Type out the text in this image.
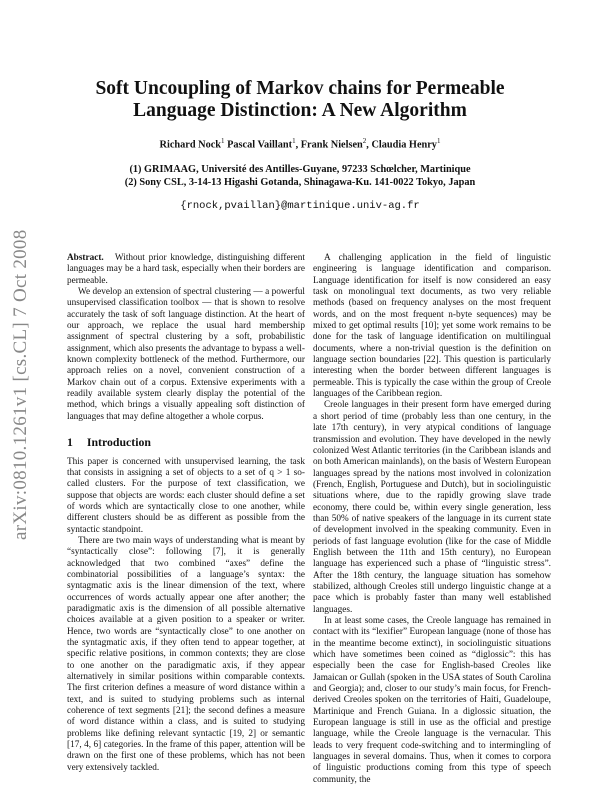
arXiv:0810.1261v1 [cs.CL] 7 Oct 2008
Soft Uncoupling of Markov chains for Permeable
Language Distinction: A New Algorithm
Richard Nock$^1$ Pascal Vaillant$^1$, Frank Nielsen$^2$, Claudia Henry$^1$
(1) GRIMAAG, Université des Antilles-Guyane, 97233 Schœlcher, Martinique
(2) Sony CSL, 3-14-13 Higashi Gotanda, Shinagawa-Ku. 141-0022 Tokyo, Japan
{rnock,pvaillan}@martinique.univ-ag.fr

Abstract. Without prior knowledge, distinguishing different languages may be a hard task, especially when their borders are permeable.

We develop an extension of spectral clustering — a powerful unsupervised classification toolbox — that is shown to resolve accurately the task of soft language distinction. At the heart of our approach, we replace the usual hard membership assignment of spectral clustering by a soft, probabilistic assignment, which also presents the advantage to bypass a well-known complexity bottleneck of the method. Furthermore, our approach relies on a novel, convenient construction of a Markov chain out of a corpus. Extensive experiments with a readily available system clearly display the potential of the method, which brings a visually appealing soft distinction of languages that may define altogether a whole corpus.

1 Introduction

This paper is concerned with unsupervised learning, the task that consists in assigning a set of objects to a set of q > 1 so-called clusters. For the purpose of text classification, we suppose that objects are words: each cluster should define a set of words which are syntactically close to one another, while different clusters should be as different as possible from the syntactic standpoint.

There are two main ways of understanding what is meant by “syntactically close”: following [7], it is generally acknowledged that two combined “axes” define the combinatorial possibilities of a language’s syntax: the syntagmatic axis is the linear dimension of the text, where occurrences of words actually appear one after another; the paradigmatic axis is the dimension of all possible alternative choices available at a given position to a speaker or writer. Hence, two words are “syntactically close” to one another on the syntagmatic axis, if they often tend to appear together, at specific relative positions, in common contexts; they are close to one another on the paradigmatic axis, if they appear alternatively in similar positions within comparable contexts. The first criterion defines a measure of word distance within a text, and is suited to studying problems such as internal coherence of text segments [21]; the second defines a measure of word distance within a class, and is suited to studying problems like defining relevant syntactic [19, 2] or semantic [17, 4, 6] categories. In the frame of this paper, attention will be drawn on the first one of these problems, which has not been very extensively tackled.

A challenging application in the field of linguistic engineering is language identification and comparison. Language identification for itself is now considered an easy task on monolingual text documents, as two very reliable methods (based on frequency analyses on the most frequent words, and on the most frequent n-byte sequences) may be mixed to get optimal results [10]; yet some work remains to be done for the task of language identification on multilingual documents, where a non-trivial question is the definition on language section boundaries [22]. This question is particularly interesting when the border between different languages is permeable. This is typically the case within the group of Creole languages of the Caribbean region.

Creole languages in their present form have emerged during a short period of time (probably less than one century, in the late 17th century), in very atypical conditions of language transmission and evolution. They have developed in the newly colonized West Atlantic territories (in the Caribbean islands and on both American mainlands), on the basis of Western European languages spread by the nations most involved in colonization (French, English, Portuguese and Dutch), but in sociolinguistic situations where, due to the rapidly growing slave trade economy, there could be, within every single generation, less than 50% of native speakers of the language in its current state of development involved in the speaking community. Even in periods of fast language evolution (like for the case of Middle English between the 11th and 15th century), no European language has experienced such a phase of “linguistic stress”. After the 18th century, the language situation has somehow stabilized, although Creoles still undergo linguistic change at a pace which is probably faster than many well established languages.

In at least some cases, the Creole language has remained in contact with its “lexifier” European language (none of those has in the meantime become extinct), in sociolinguistic situations which have sometimes been coined as “diglossic”: this has especially been the case for English-based Creoles like Jamaican or Gullah (spoken in the USA states of South Carolina and Georgia); and, closer to our study’s main focus, for French-derived Creoles spoken on the territories of Haiti, Guadeloupe, Martinique and French Guiana. In a diglossic situation, the European language is still in use as the official and prestige language, while the Creole language is the vernacular. This leads to very frequent code-switching and to intermingling of languages in several domains. Thus, when it comes to corpora of linguistic productions coming from this type of speech community, the
